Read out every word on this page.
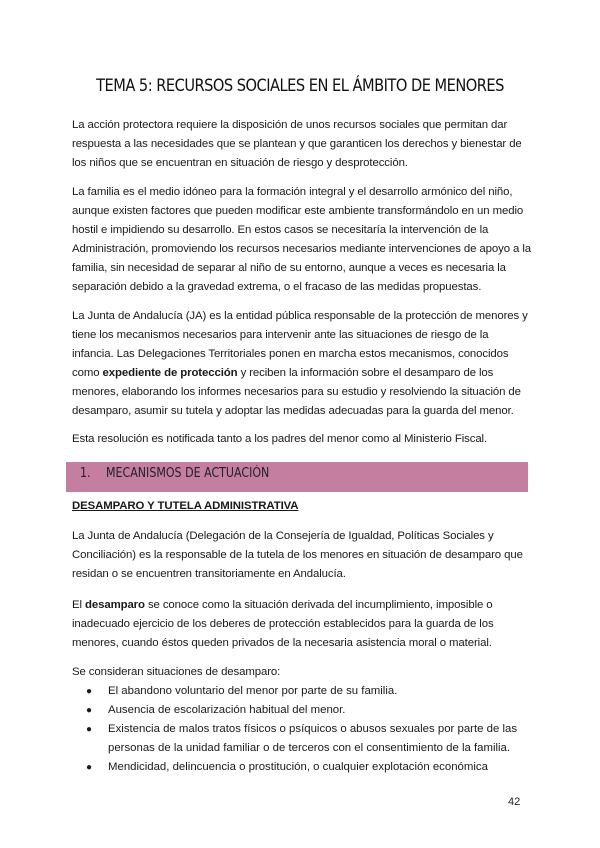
TEMA 5: RECURSOS SOCIALES EN EL ÁMBITO DE MENORES

La acción protectora requiere la disposición de unos recursos sociales que permitan dar respuesta a las necesidades que se plantean y que garanticen los derechos y bienestar de los niños que se encuentran en situación de riesgo y desprotección.

La familia es el medio idóneo para la formación integral y el desarrollo armónico del niño, aunque existen factores que pueden modificar este ambiente transformándolo en un medio hostil e impidiendo su desarrollo. En estos casos se necesitaría la intervención de la Administración, promoviendo los recursos necesarios mediante intervenciones de apoyo a la familia, sin necesidad de separar al niño de su entorno, aunque a veces es necesaria la separación debido a la gravedad extrema, o el fracaso de las medidas propuestas.

La Junta de Andalucía (JA) es la entidad pública responsable de la protección de menores y tiene los mecanismos necesarios para intervenir ante las situaciones de riesgo de la infancia. Las Delegaciones Territoriales ponen en marcha estos mecanismos, conocidos como expediente de protección y reciben la información sobre el desamparo de los menores, elaborando los informes necesarios para su estudio y resolviendo la situación de desamparo, asumir su tutela y adoptar las medidas adecuadas para la guarda del menor.

Esta resolución es notificada tanto a los padres del menor como al Ministerio Fiscal.

1. MECANISMOS DE ACTUACIÓN
DESAMPARO Y TUTELA ADMINISTRATIVA

La Junta de Andalucía (Delegación de la Consejería de Igualdad, Políticas Sociales y Conciliación) es la responsable de la tutela de los menores en situación de desamparo que residan o se encuentren transitoriamente en Andalucía.

El desamparo se conoce como la situación derivada del incumplimiento, imposible o inadecuado ejercicio de los deberes de protección establecidos para la guarda de los menores, cuando éstos queden privados de la necesaria asistencia moral o material.

Se consideran situaciones de desamparo:

● El abandono voluntario del menor por parte de su familia.
● Ausencia de escolarización habitual del menor.
● Existencia de malos tratos físicos o psíquicos o abusos sexuales por parte de las personas de la unidad familiar o de terceros con el consentimiento de la familia.
● Mendicidad, delincuencia o prostitución, o cualquier explotación económica
42
